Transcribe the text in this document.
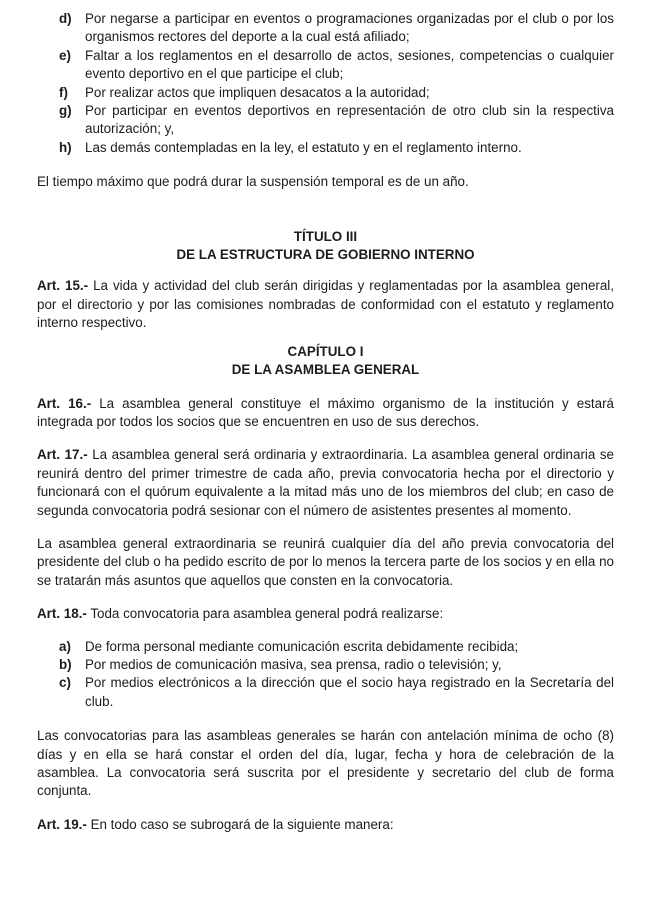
d) Por negarse a participar en eventos o programaciones organizadas por el club o por los organismos rectores del deporte a la cual está afiliado;
e)	Faltar a los reglamentos en el desarrollo de actos, sesiones, competencias o cualquier evento deportivo en el que participe el club;
f)	Por realizar actos que impliquen desacatos a la autoridad;
g) Por participar en eventos deportivos en representación de otro club sin la respectiva autorización; y,
h) Las demás contempladas en la ley, el estatuto y en el reglamento interno.

El tiempo máximo que podrá durar la suspensión temporal es de un año.

TÍTULO III

DE LA ESTRUCTURA DE GOBIERNO INTERNO

Art. 15.- La vida y actividad del club serán dirigidas y reglamentadas por la asamblea general, por el directorio y por las comisiones nombradas de conformidad con el estatuto y reglamento interno respectivo.

CAPÍTULO I

DE LA ASAMBLEA GENERAL

Art. 16.- La asamblea general constituye el máximo organismo de la institución y estará integrada por todos los socios que se encuentren en uso de sus derechos.

Art. 17.- La asamblea general será ordinaria y extraordinaria. La asamblea general ordinaria se reunirá dentro del primer trimestre de cada año, previa convocatoria hecha por el directorio y funcionará con el quórum equivalente a la mitad más uno de los miembros del club; en caso de segunda convocatoria podrá sesionar con el número de asistentes presentes al momento.

La asamblea general extraordinaria se reunirá cualquier día del año previa convocatoria del presidente del club o ha pedido escrito de por lo menos la tercera parte de los socios y en ella no se tratarán más asuntos que aquellos que consten en la convocatoria.

Art. 18.- Toda convocatoria para asamblea general podrá realizarse:

a)	De forma personal mediante comunicación escrita debidamente recibida;
b) Por medios de comunicación masiva, sea prensa, radio o televisión; y,
c)	Por medios electrónicos a la dirección que el socio haya registrado en la Secretaría del club.

Las convocatorias para las asambleas generales se harán con antelación mínima de ocho (8) días y en ella se hará constar el orden del día, lugar, fecha y hora de celebración de la asamblea. La convocatoria será suscrita por el presidente y secretario del club de forma conjunta.

Art. 19.- En todo caso se subrogará de la siguiente manera:
